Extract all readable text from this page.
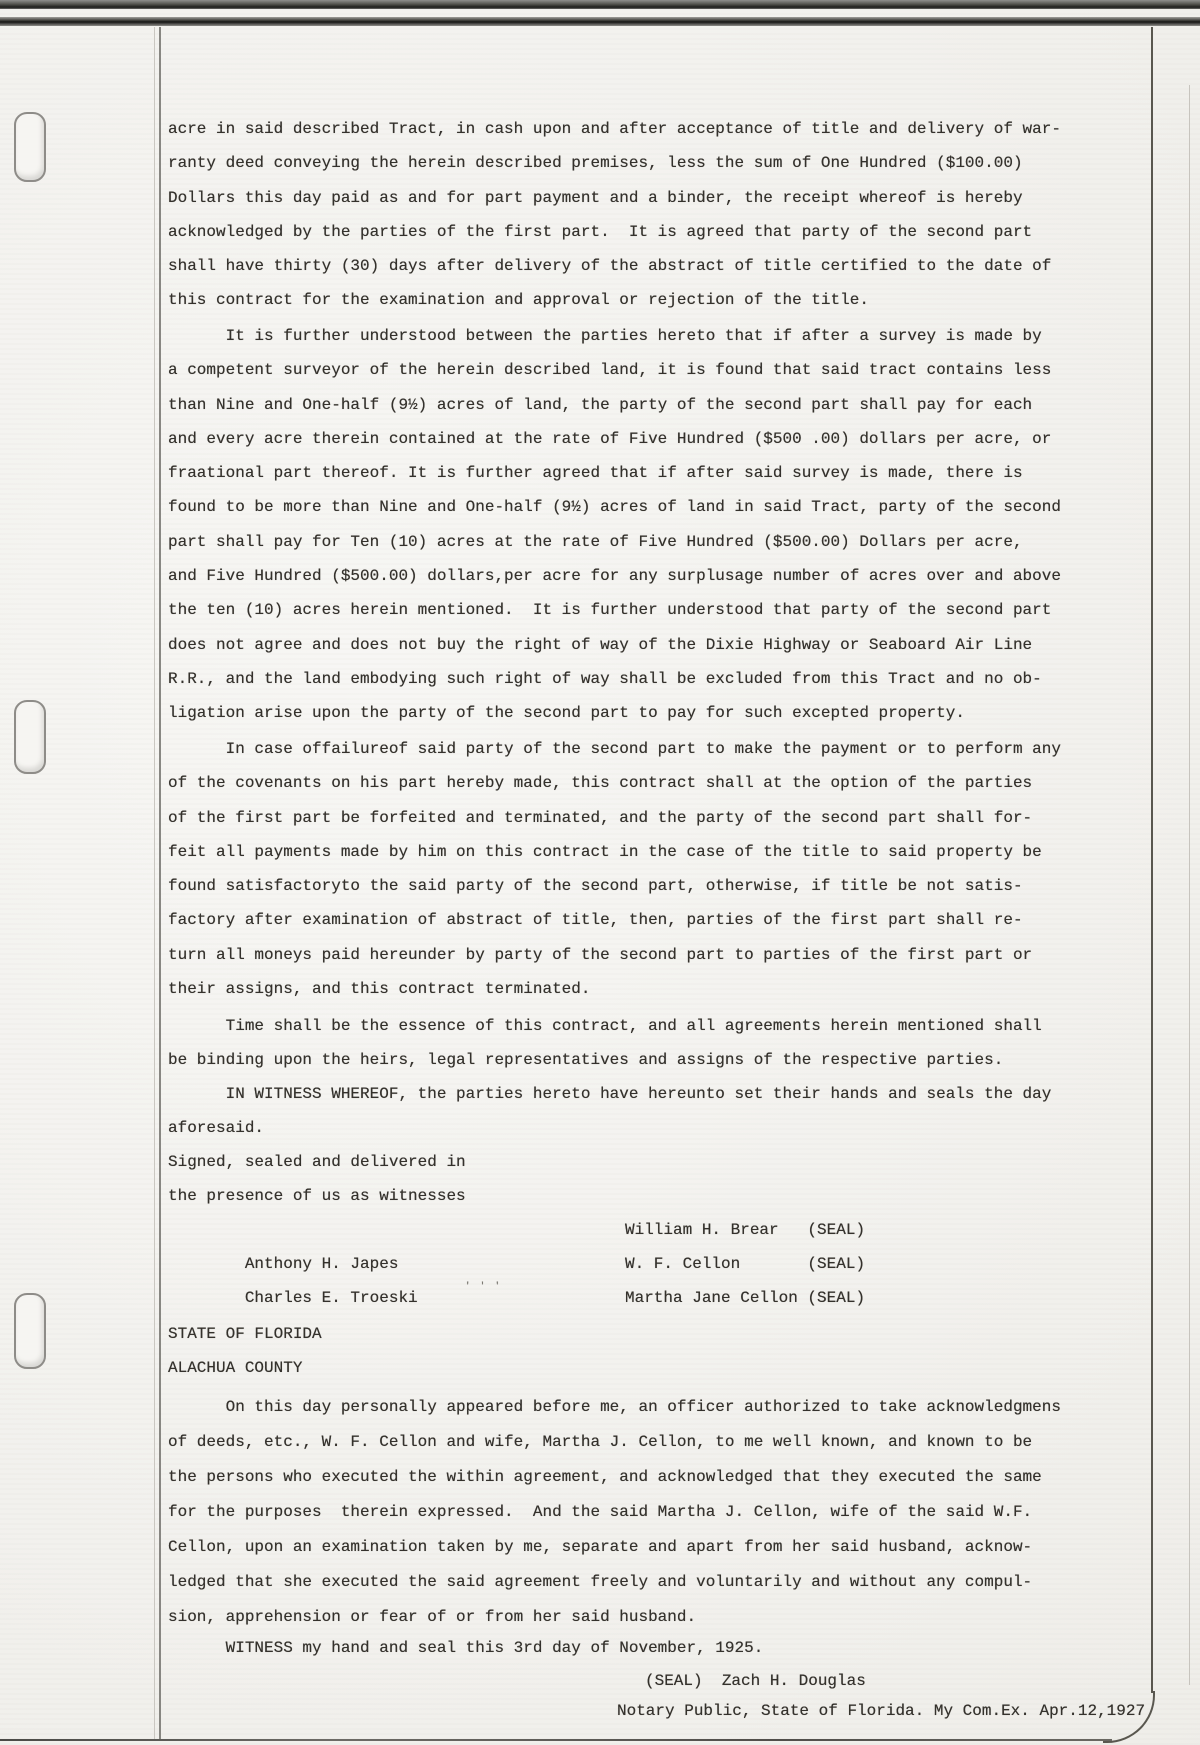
acre in said described Tract, in cash upon and after acceptance of title and delivery of war-
ranty deed conveying the herein described premises, less the sum of One Hundred ($100.00)
Dollars this day paid as and for part payment and a binder, the receipt whereof is hereby
acknowledged by the parties of the first part.  It is agreed that party of the second part
shall have thirty (30) days after delivery of the abstract of title certified to the date of
this contract for the examination and approval or rejection of the title.
It is further understood between the parties hereto that if after a survey is made by
a competent surveyor of the herein described land, it is found that said tract contains less
than Nine and One-half (9½) acres of land, the party of the second part shall pay for each
and every acre therein contained at the rate of Five Hundred ($500 .00) dollars per acre, or
fraational part thereof. It is further agreed that if after said survey is made, there is
found to be more than Nine and One-half (9½) acres of land in said Tract, party of the second
part shall pay for Ten (10) acres at the rate of Five Hundred ($500.00) Dollars per acre,
and Five Hundred ($500.00) dollars,per acre for any surplusage number of acres over and above
the ten (10) acres herein mentioned.  It is further understood that party of the second part
does not agree and does not buy the right of way of the Dixie Highway or Seaboard Air Line
R.R., and the land embodying such right of way shall be excluded from this Tract and no ob-
ligation arise upon the party of the second part to pay for such excepted property.
In case offailureof said party of the second part to make the payment or to perform any
of the covenants on his part hereby made, this contract shall at the option of the parties
of the first part be forfeited and terminated, and the party of the second part shall for-
feit all payments made by him on this contract in the case of the title to said property be
found satisfactoryto the said party of the second part, otherwise, if title be not satis-
factory after examination of abstract of title, then, parties of the first part shall re-
turn all moneys paid hereunder by party of the second part to parties of the first part or
their assigns, and this contract terminated.
Time shall be the essence of this contract, and all agreements herein mentioned shall
be binding upon the heirs, legal representatives and assigns of the respective parties.
IN WITNESS WHEREOF, the parties hereto have hereunto set their hands and seals the day
aforesaid.
Signed, sealed and delivered in
the presence of us as witnesses

Anthony H. Japes

William H. Brear   (SEAL)

Charles E. Troeski

W. F. Cellon       (SEAL)

Martha Jane Cellon (SEAL)

' ' '
STATE OF FLORIDA
ALACHUA COUNTY
On this day personally appeared before me, an officer authorized to take acknowledgmens
of deeds, etc., W. F. Cellon and wife, Martha J. Cellon, to me well known, and known to be
the persons who executed the within agreement, and acknowledged that they executed the same
for the purposes  therein expressed.  And the said Martha J. Cellon, wife of the said W.F.
Cellon, upon an examination taken by me, separate and apart from her said husband, acknow-
ledged that she executed the said agreement freely and voluntarily and without any compul-
sion, apprehension or fear of or from her said husband.
WITNESS my hand and seal this 3rd day of November, 1925.
(SEAL)  Zach H. Douglas
Notary Public, State of Florida. My Com.Ex. Apr.12,1927
